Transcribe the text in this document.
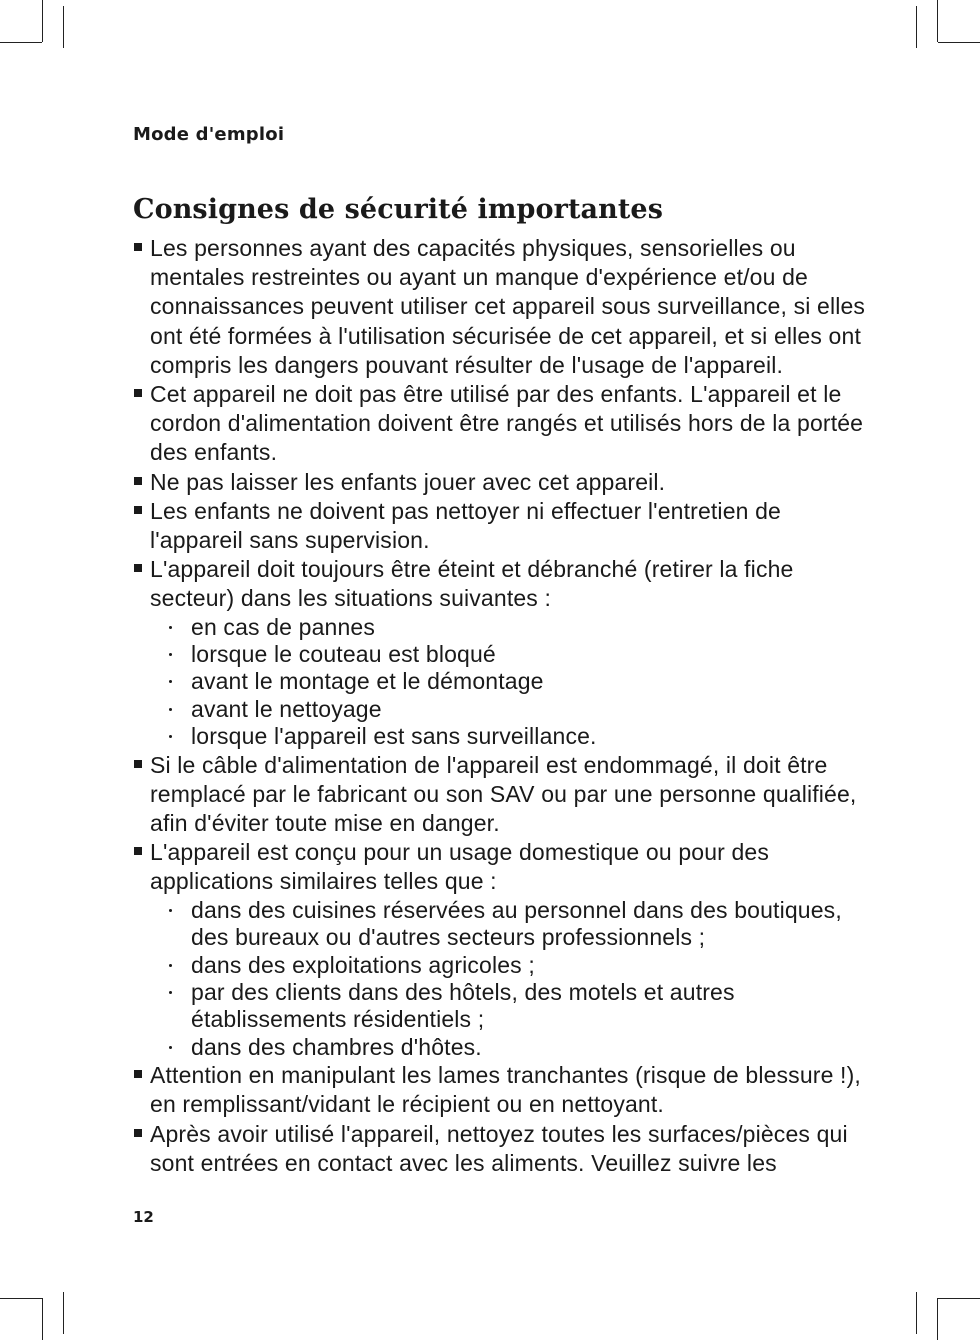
Mode d'emploi
Consignes de sécurité importantes
Les personnes ayant des capacités physiques, sensorielles ou mentales restreintes ou ayant un manque d'expérience et/ou de connaissances peuvent utiliser cet appareil sous surveillance, si elles ont été formées à l'utilisation sécurisée de cet appareil, et si elles ont compris les dangers pouvant résulter de l'usage de l'appareil.
Cet appareil ne doit pas être utilisé par des enfants. L'appareil et le cordon d'alimentation doivent être rangés et utilisés hors de la portée des enfants.
Ne pas laisser les enfants jouer avec cet appareil.
Les enfants ne doivent pas nettoyer ni effectuer l'entretien de l'appareil sans supervision.
L'appareil doit toujours être éteint et débranché (retirer la fiche secteur) dans les situations suivantes :
en cas de pannes
lorsque le couteau est bloqué
avant le montage et le démontage
avant le nettoyage
lorsque l'appareil est sans surveillance.
Si le câble d'alimentation de l'appareil est endommagé, il doit être remplacé par le fabricant ou son SAV ou par une personne qualifiée, afin d'éviter toute mise en danger.
L'appareil est conçu pour un usage domestique ou pour des applications similaires telles que :
dans des cuisines réservées au personnel dans des boutiques, des bureaux ou d'autres secteurs professionnels ;
dans des exploitations agricoles ;
par des clients dans des hôtels, des motels et autres établissements résidentiels ;
dans des chambres d'hôtes.
Attention en manipulant les lames tranchantes (risque de blessure !), en remplissant/vidant le récipient ou en nettoyant.
Après avoir utilisé l'appareil, nettoyez toutes les surfaces/pièces qui sont entrées en contact avec les aliments. Veuillez suivre les
12
